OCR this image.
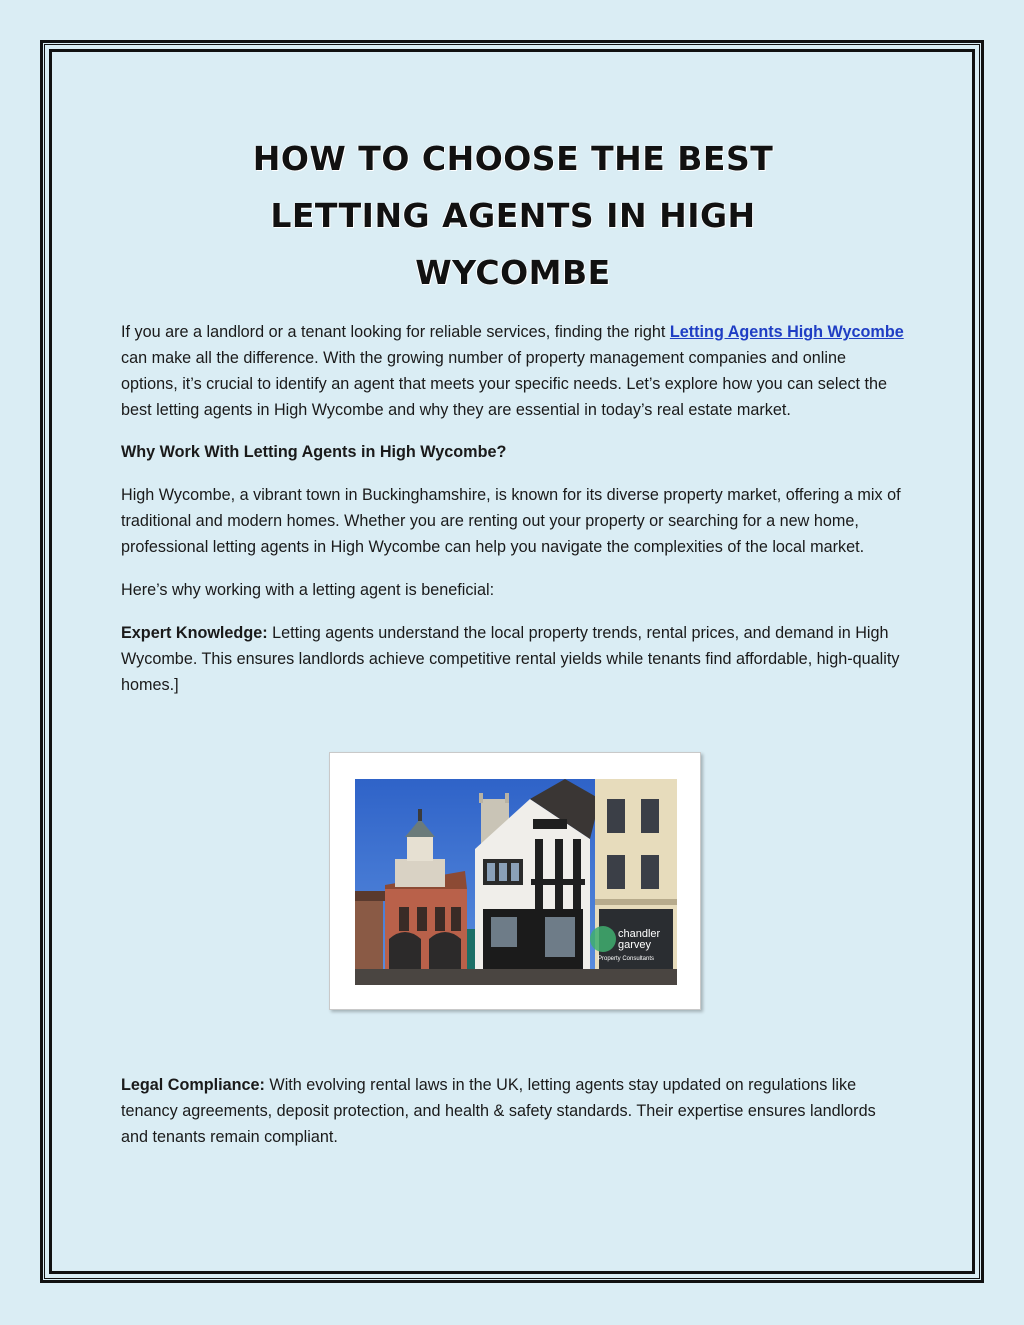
HOW TO CHOOSE THE BEST LETTING AGENTS IN HIGH WYCOMBE

If you are a landlord or a tenant looking for reliable services, finding the right Letting Agents High Wycombe can make all the difference. With the growing number of property management companies and online options, it’s crucial to identify an agent that meets your specific needs. Let’s explore how you can select the best letting agents in High Wycombe and why they are essential in today’s real estate market.

Why Work With Letting Agents in High Wycombe?

High Wycombe, a vibrant town in Buckinghamshire, is known for its diverse property market, offering a mix of traditional and modern homes. Whether you are renting out your property or searching for a new home, professional letting agents in High Wycombe can help you navigate the complexities of the local market.

Here’s why working with a letting agent is beneficial:

Expert Knowledge: Letting agents understand the local property trends, rental prices, and demand in High Wycombe. This ensures landlords achieve competitive rental yields while tenants find affordable, high-quality homes.]

chandler
garvey
Property Consultants

Legal Compliance: With evolving rental laws in the UK, letting agents stay updated on regulations like tenancy agreements, deposit protection, and health & safety standards. Their expertise ensures landlords and tenants remain compliant.
